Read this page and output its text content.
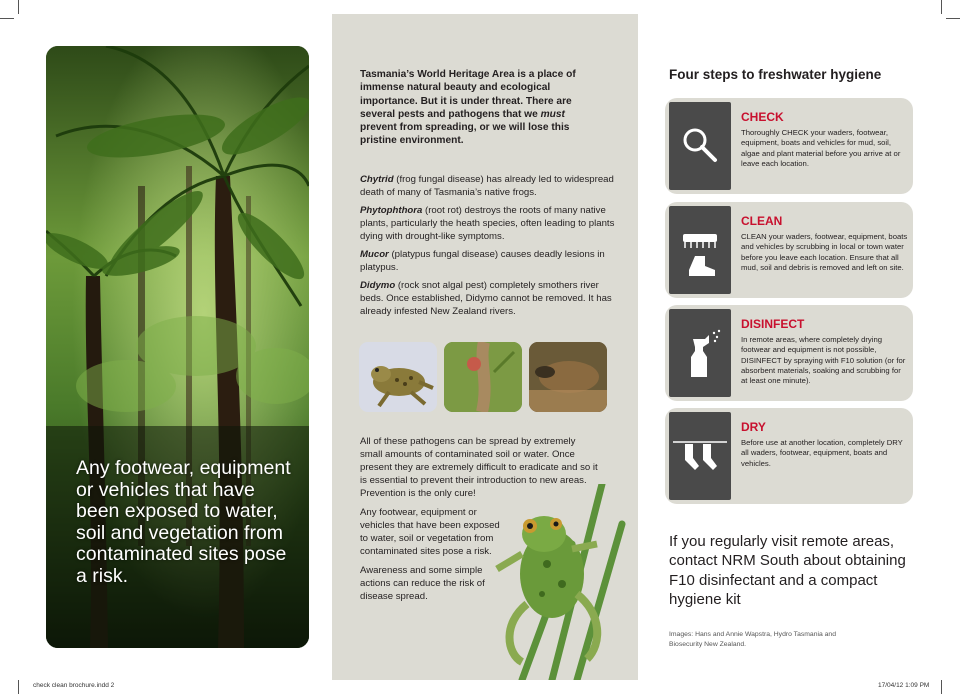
Any footwear, equipment or vehicles that have been exposed to water, soil and vegetation from contaminated sites pose a risk.
Tasmania’s World Heritage Area is a place of immense natural beauty and ecological importance. But it is under threat. There are several pests and pathogens that we must prevent from spreading, or we will lose this pristine environment.

Chytrid (frog fungal disease) has already led to widespread death of many of Tasmania’s native frogs.

Phytophthora (root rot) destroys the roots of many native plants, particularly the heath species, often leading to plants dying with drought-like symptoms.

Mucor (platypus fungal disease) causes deadly lesions in platypus.

Didymo (rock snot algal pest) completely smothers river beds. Once established, Didymo cannot be removed. It has already infested New Zealand rivers.

All of these pathogens can be spread by extremely small amounts of contaminated soil or water. Once present they are extremely difficult to eradicate and so it is essential to prevent their introduction to new areas. Prevention is the only cure!

Any footwear, equipment or vehicles that have been exposed to water, soil or vegetation from contaminated sites pose a risk.

Awareness and some simple actions can reduce the risk of disease spread.

Four steps to freshwater hygiene
CHECK
Thoroughly CHECK your waders, footwear, equipment, boats and vehicles for mud, soil, algae and plant material before you arrive at or leave each location.
CLEAN
CLEAN your waders, footwear, equipment, boats and vehicles by scrubbing in local or town water before you leave each location. Ensure that all mud, soil and debris is removed and left on site.
DISINFECT
In remote areas, where completely drying footwear and equipment is not possible, DISINFECT by spraying with F10 solution (or for absorbent materials, soaking and scrubbing for at least one minute).
DRY
Before use at another location, completely DRY all waders, footwear, equipment, boats and vehicles.
If you regularly visit remote areas, contact NRM South about obtaining F10 disinfectant and a compact hygiene kit
Images: Hans and Annie Wapstra, Hydro Tasmania and Biosecurity New Zealand.
check clean brochure.indd 2	17/04/12 1:09 PM
